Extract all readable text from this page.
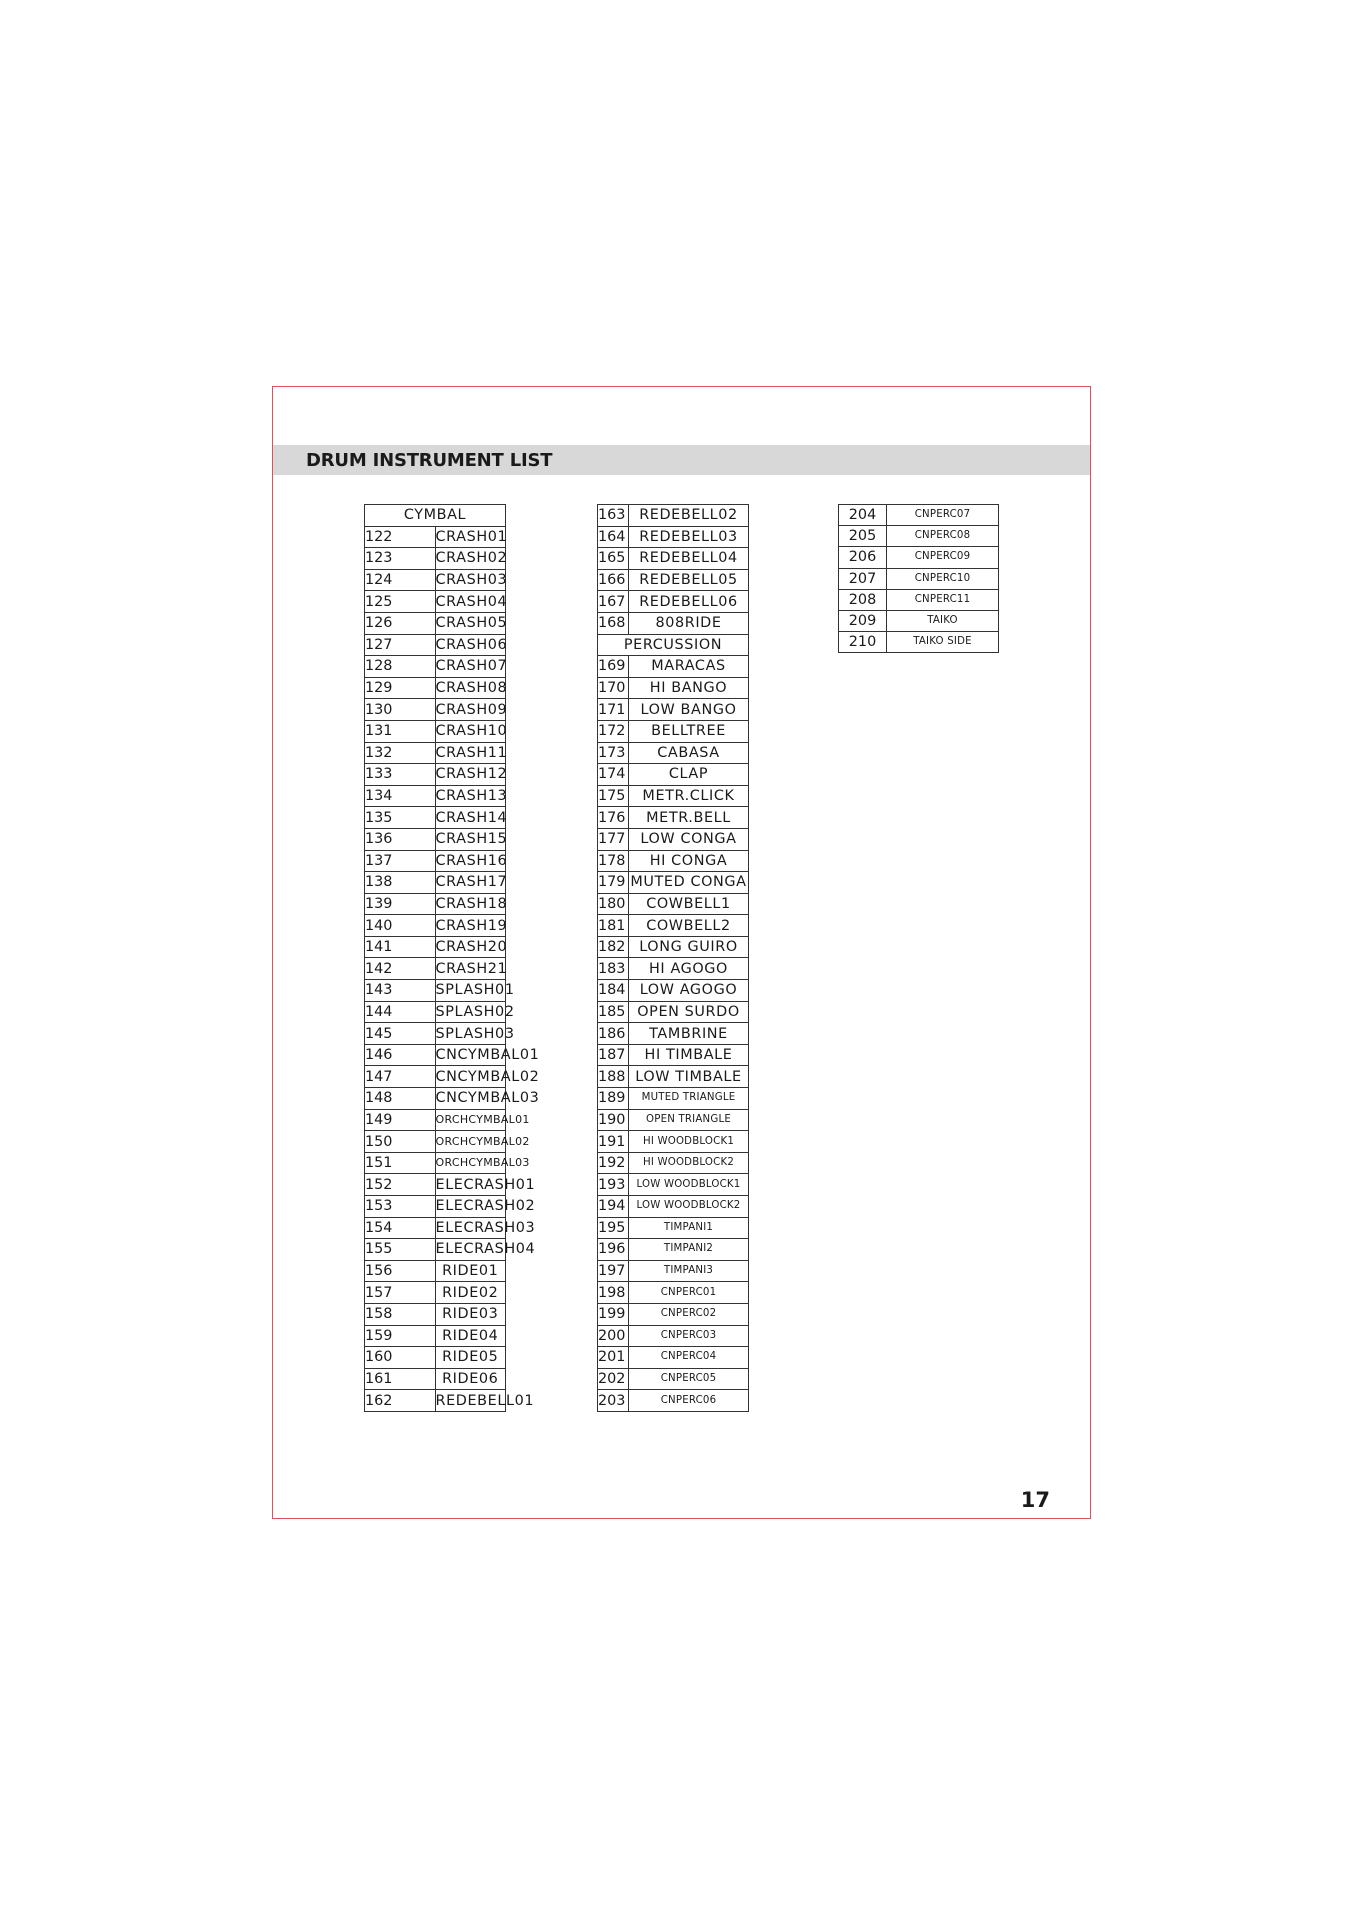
DRUM INSTRUMENT LIST
CYMBAL	
122	CRASH01
123	CRASH02
124	CRASH03
125	CRASH04
126	CRASH05
127	CRASH06
128	CRASH07
129	CRASH08
130	CRASH09
131	CRASH10
132	CRASH11
133	CRASH12
134	CRASH13
135	CRASH14
136	CRASH15
137	CRASH16
138	CRASH17
139	CRASH18
140	CRASH19
141	CRASH20
142	CRASH21
143	SPLASH01
144	SPLASH02
145	SPLASH03
146	CNCYMBAL01
147	CNCYMBAL02
148	CNCYMBAL03
149	ORCHCYMBAL01
150	ORCHCYMBAL02
151	ORCHCYMBAL03
152	ELECRASH01
153	ELECRASH02
154	ELECRASH03
155	ELECRASH04
156	RIDE01
157	RIDE02
158	RIDE03
159	RIDE04
160	RIDE05
161	RIDE06
162	REDEBELL01
163	REDEBELL02
164	REDEBELL03
165	REDEBELL04
166	REDEBELL05
167	REDEBELL06
168	808RIDE
PERCUSSION	
169	MARACAS
170	HI BANGO
171	LOW BANGO
172	BELLTREE
173	CABASA
174	CLAP
175	METR.CLICK
176	METR.BELL
177	LOW CONGA
178	HI CONGA
179	MUTED CONGA
180	COWBELL1
181	COWBELL2
182	LONG GUIRO
183	HI AGOGO
184	LOW AGOGO
185	OPEN SURDO
186	TAMBRINE
187	HI TIMBALE
188	LOW TIMBALE
189	MUTED TRIANGLE
190	OPEN TRIANGLE
191	HI WOODBLOCK1
192	HI WOODBLOCK2
193	LOW WOODBLOCK1
194	LOW WOODBLOCK2
195	TIMPANI1
196	TIMPANI2
197	TIMPANI3
198	CNPERC01
199	CNPERC02
200	CNPERC03
201	CNPERC04
202	CNPERC05
203	CNPERC06
204	CNPERC07
205	CNPERC08
206	CNPERC09
207	CNPERC10
208	CNPERC11
209	TAIKO
210	TAIKO SIDE
17
